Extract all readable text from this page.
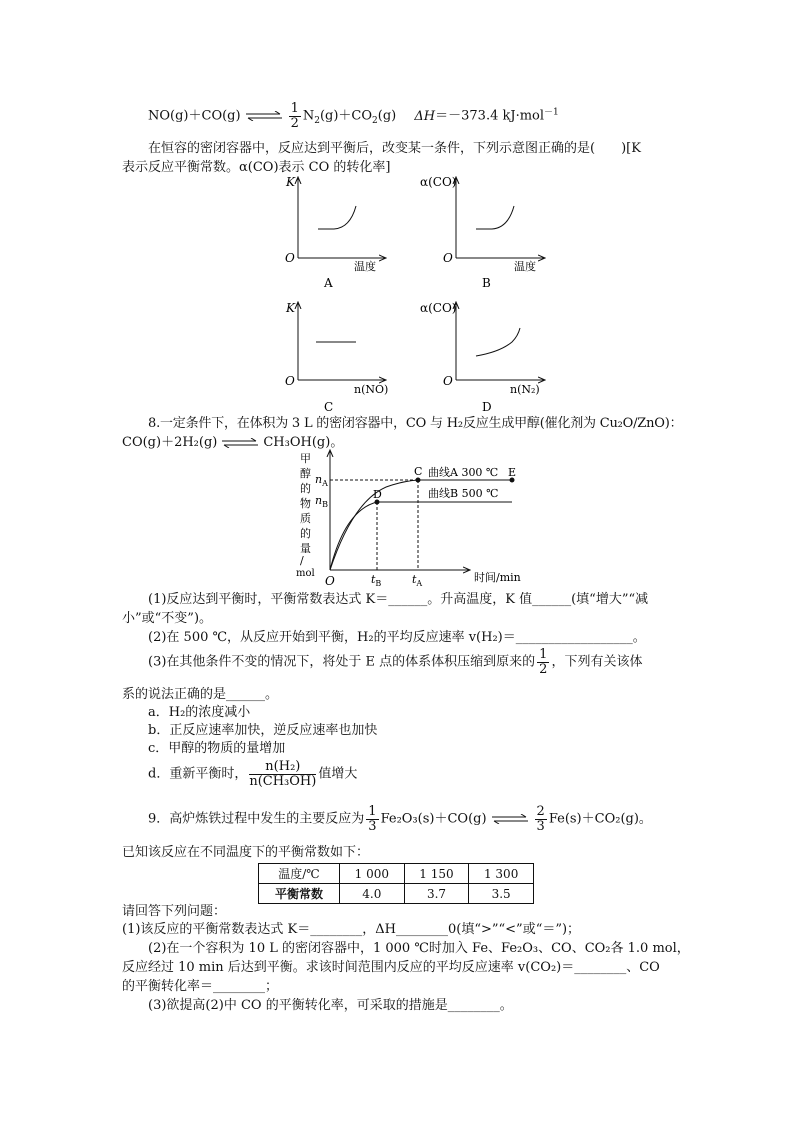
NO(g)＋CO(g) ⇌ $\frac{1}{2} N_2(g)+CO_2(g)$ ΔH＝－373.4 kJ·mol$^{-1}$
在恒容的密闭容器中，反应达到平衡后，改变某一条件，下列示意图正确的是(　　)[K
表示反应平衡常数。α(CO)表示 CO 的转化率]
K
O
温度
A
α(CO)
O
温度
B
K
O
n(NO)
C
α(CO)
O
n(N₂)
D
8.一定条件下，在体积为 3 L 的密闭容器中，CO 与 H₂反应生成甲醇(催化剂为 Cu₂O/ZnO)：
CO(g)＋2H₂(g) ⇌ CH₃OH(g)。
甲
醇
的
物
质
的
量
/
mol
O	时间/min
$n_A$
$n_B$
C
D
E
曲线A 300 ℃
曲线B 500 ℃
$t_B$	$t_A$
(1)反应达到平衡时，平衡常数表达式 K＝______。升高温度，K 值______(填“增大”“减
小”或“不变”)。
(2)在 500 ℃，从反应开始到平衡，H₂的平均反应速率 v(H₂)＝__________________。
(3)在其他条件不变的情况下，将处于 E 点的体系体积压缩到原来的 $\frac{1}{2}$ ，下列有关该体
系的说法正确的是______。
a．H₂的浓度减小
b．正反应速率加快，逆反应速率也加快
c．甲醇的物质的量增加
d．重新平衡时， $\frac{\text{n(H₂)}}{\text{n(CH₃OH)}}$ 值增大
9．高炉炼铁过程中发生的主要反应为 $\frac{1}{3} Fe_2O_3(s)+CO(g)$ ⇌ $\frac{2}{3} Fe(s)+CO_2(g)$。
已知该反应在不同温度下的平衡常数如下：
温度/℃	1 000	1 150	1 300
平衡常数	4.0	3.7	3.5
请回答下列问题：
(1)该反应的平衡常数表达式 K＝________，ΔH________0(填“>”“<”或“＝”)；
(2)在一个容积为 10 L 的密闭容器中，1 000 ℃时加入 Fe、Fe₂O₃、CO、CO₂各 1.0 mol，
反应经过 10 min 后达到平衡。求该时间范围内反应的平均反应速率 v(CO₂)＝________、CO
的平衡转化率＝________；
(3)欲提高(2)中 CO 的平衡转化率，可采取的措施是________。
